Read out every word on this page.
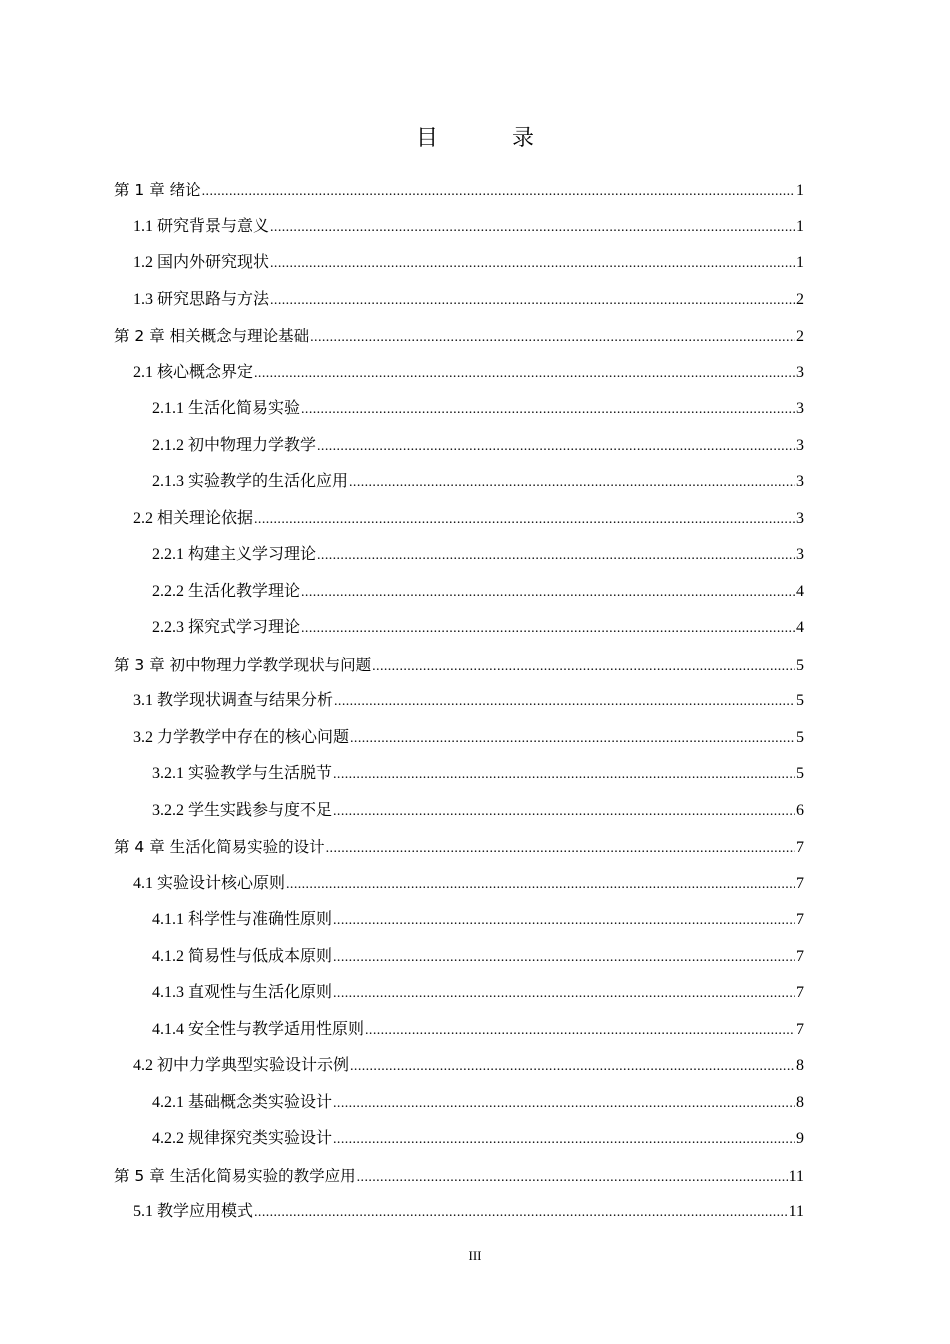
目　录
第 1 章 绪论 .....	1
1.1 研究背景与意义 .....	1
1.2 国内外研究现状 .....	1
1.3 研究思路与方法 .....	2
第 2 章 相关概念与理论基础 .....	2
2.1 核心概念界定 .....	3
2.1.1 生活化简易实验 .....	3
2.1.2 初中物理力学教学 .....	3
2.1.3 实验教学的生活化应用 .....	3
2.2 相关理论依据 .....	3
2.2.1 构建主义学习理论 .....	3
2.2.2 生活化教学理论 .....	4
2.2.3 探究式学习理论 .....	4
第 3 章 初中物理力学教学现状与问题 .....	5
3.1 教学现状调查与结果分析 .....	5
3.2 力学教学中存在的核心问题 .....	5
3.2.1 实验教学与生活脱节 .....	5
3.2.2 学生实践参与度不足 .....	6
第 4 章 生活化简易实验的设计 .....	7
4.1 实验设计核心原则 .....	7
4.1.1 科学性与准确性原则 .....	7
4.1.2 简易性与低成本原则 .....	7
4.1.3 直观性与生活化原则 .....	7
4.1.4 安全性与教学适用性原则 .....	7
4.2 初中力学典型实验设计示例 .....	8
4.2.1 基础概念类实验设计 .....	8
4.2.2 规律探究类实验设计 .....	9
第 5 章 生活化简易实验的教学应用 .....	11
5.1 教学应用模式 .....	11
III
